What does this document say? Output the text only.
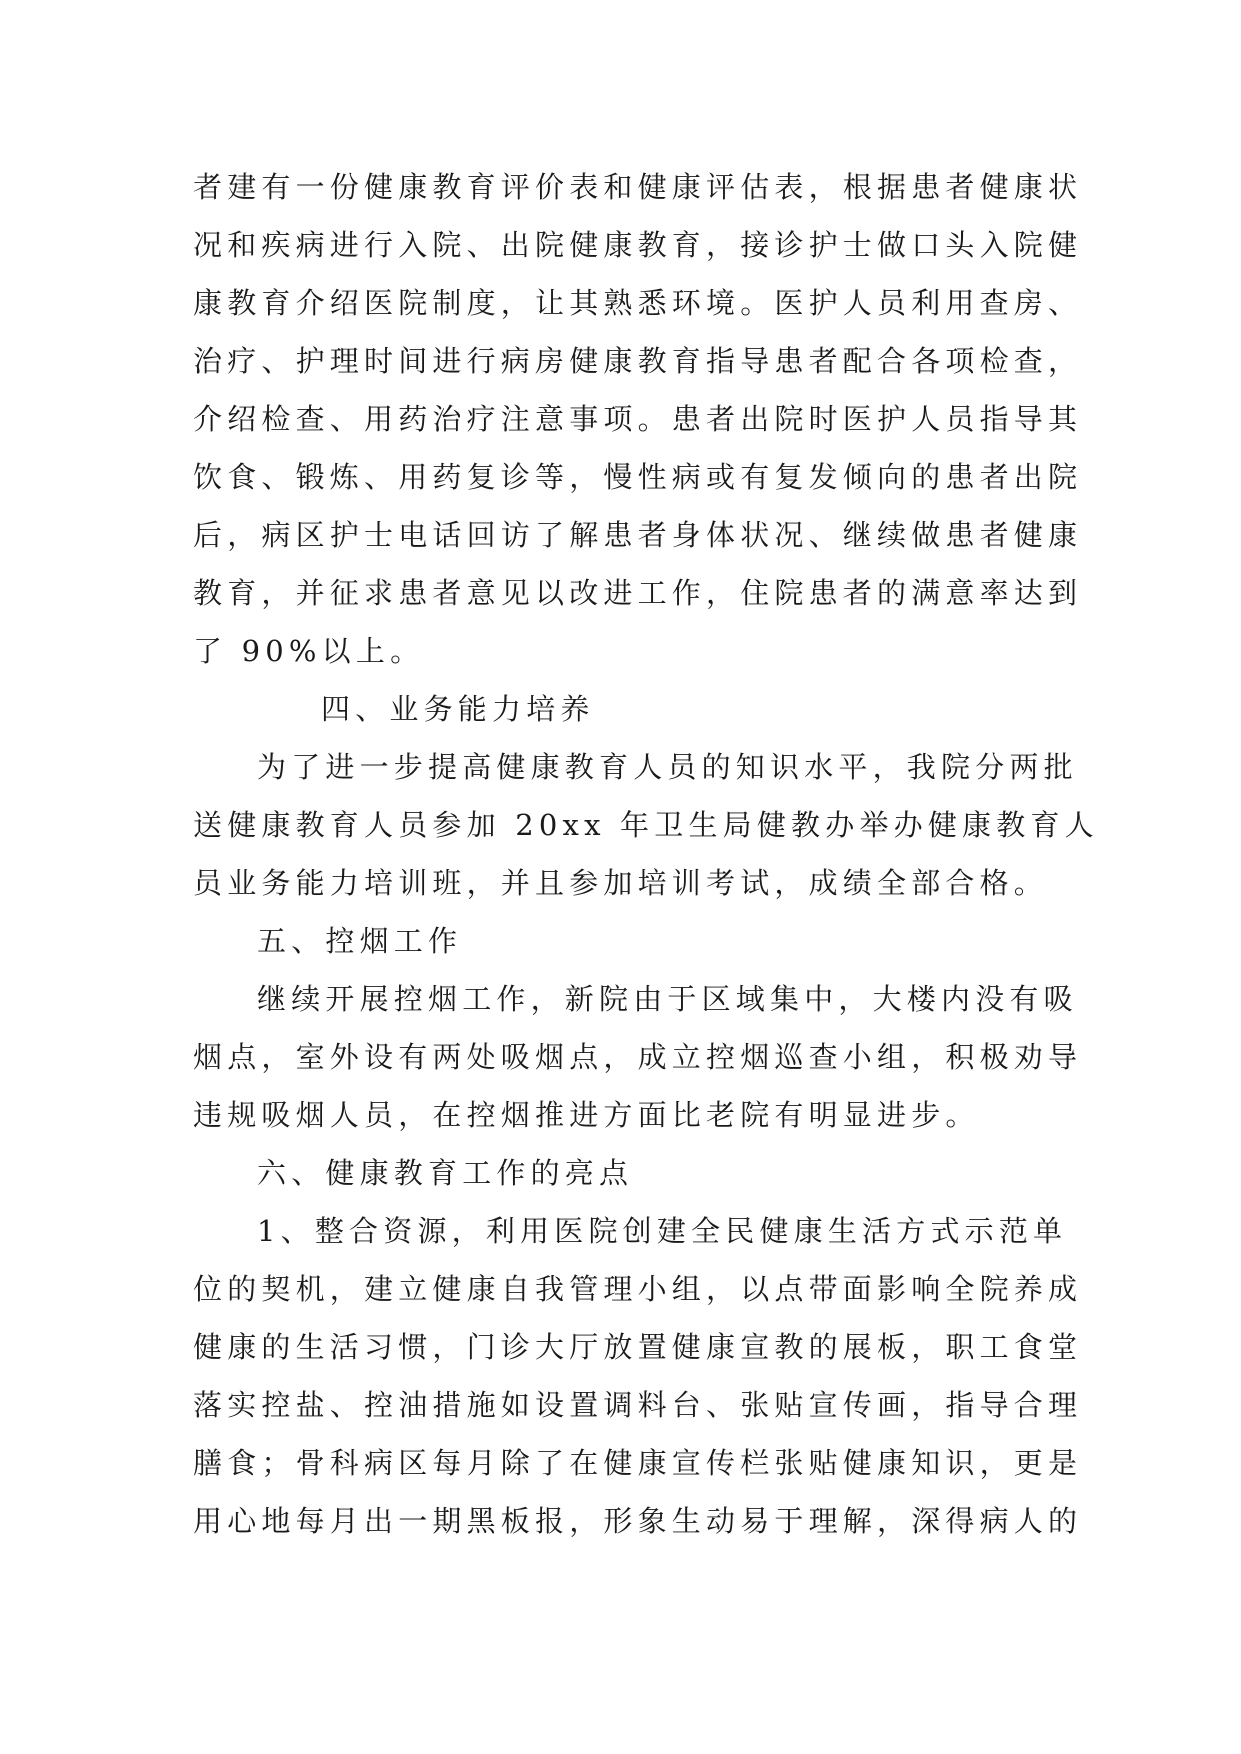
者建有一份健康教育评价表和健康评估表，根据患者健康状
况和疾病进行入院、出院健康教育，接诊护士做口头入院健
康教育介绍医院制度，让其熟悉环境。医护人员利用查房、
治疗、护理时间进行病房健康教育指导患者配合各项检查，
介绍检查、用药治疗注意事项。患者出院时医护人员指导其
饮食、锻炼、用药复诊等，慢性病或有复发倾向的患者出院
后，病区护士电话回访了解患者身体状况、继续做患者健康
教育，并征求患者意见以改进工作，住院患者的满意率达到
了 90%以上。
四、业务能力培养
为了进一步提高健康教育人员的知识水平，我院分两批
送健康教育人员参加 20xx 年卫生局健教办举办健康教育人
员业务能力培训班，并且参加培训考试，成绩全部合格。
五、控烟工作
继续开展控烟工作，新院由于区域集中，大楼内没有吸
烟点，室外设有两处吸烟点，成立控烟巡查小组，积极劝导
违规吸烟人员，在控烟推进方面比老院有明显进步。
六、健康教育工作的亮点
1、整合资源，利用医院创建全民健康生活方式示范单
位的契机，建立健康自我管理小组，以点带面影响全院养成
健康的生活习惯，门诊大厅放置健康宣教的展板，职工食堂
落实控盐、控油措施如设置调料台、张贴宣传画，指导合理
膳食；骨科病区每月除了在健康宣传栏张贴健康知识，更是
用心地每月出一期黑板报，形象生动易于理解，深得病人的
